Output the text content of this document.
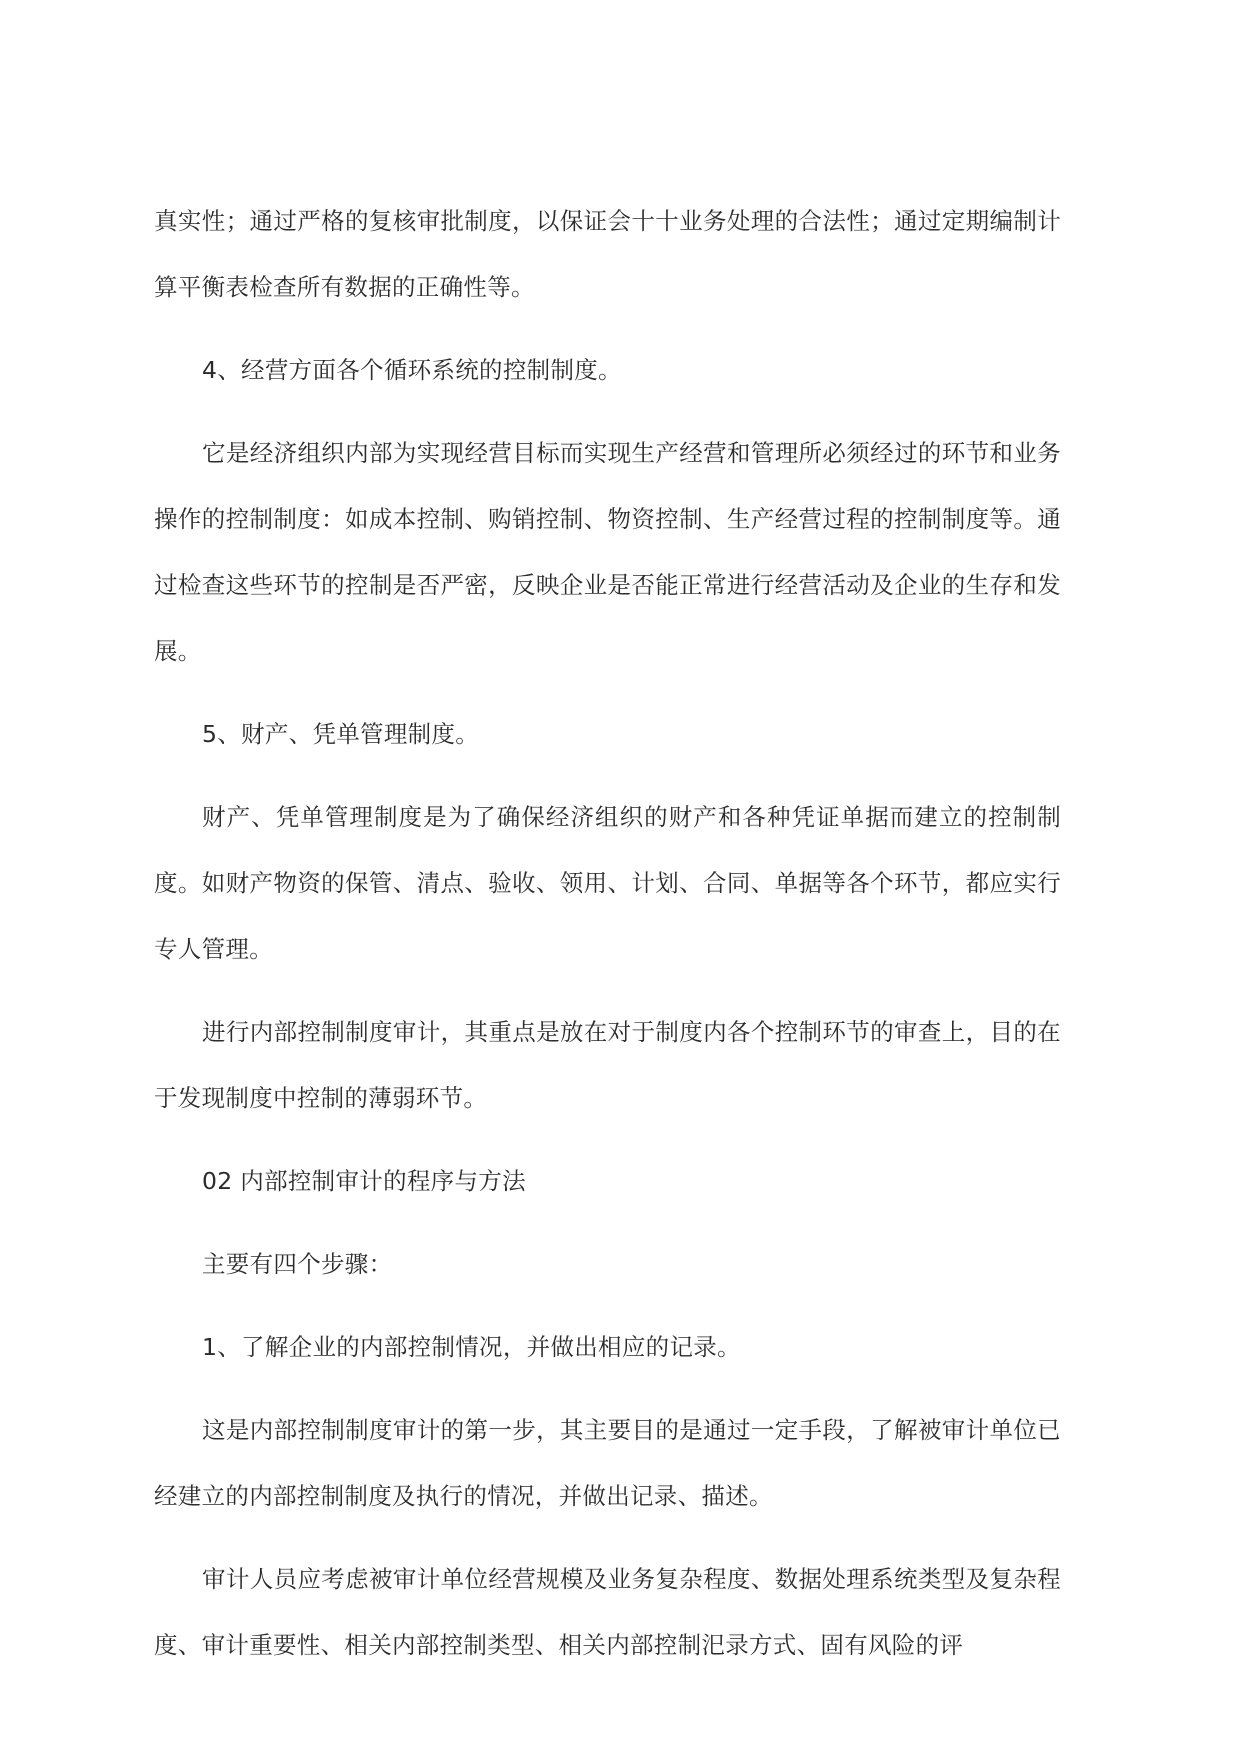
真实性；通过严格的复核审批制度，以保证会十十业务处理的合法性；通过定期编制计算平衡表检查所有数据的正确性等。

4、经营方面各个循环系统的控制制度。

它是经济组织内部为实现经营目标而实现生产经营和管理所必须经过的环节和业务操作的控制制度：如成本控制、购销控制、物资控制、生产经营过程的控制制度等。通过检查这些环节的控制是否严密，反映企业是否能正常进行经营活动及企业的生存和发展。

5、财产、凭单管理制度。

财产、凭单管理制度是为了确保经济组织的财产和各种凭证单据而建立的控制制度。如财产物资的保管、清点、验收、领用、计划、合同、单据等各个环节，都应实行专人管理。

进行内部控制制度审计，其重点是放在对于制度内各个控制环节的审查上，目的在于发现制度中控制的薄弱环节。

02 内部控制审计的程序与方法

主要有四个步骤：

1、了解企业的内部控制情况，并做出相应的记录。

这是内部控制制度审计的第一步，其主要目的是通过一定手段，了解被审计单位已经建立的内部控制制度及执行的情况，并做出记录、描述。

审计人员应考虑被审计单位经营规模及业务复杂程度、数据处理系统类型及复杂程度、审计重要性、相关内部控制类型、相关内部控制汜录方式、固有风险的评
